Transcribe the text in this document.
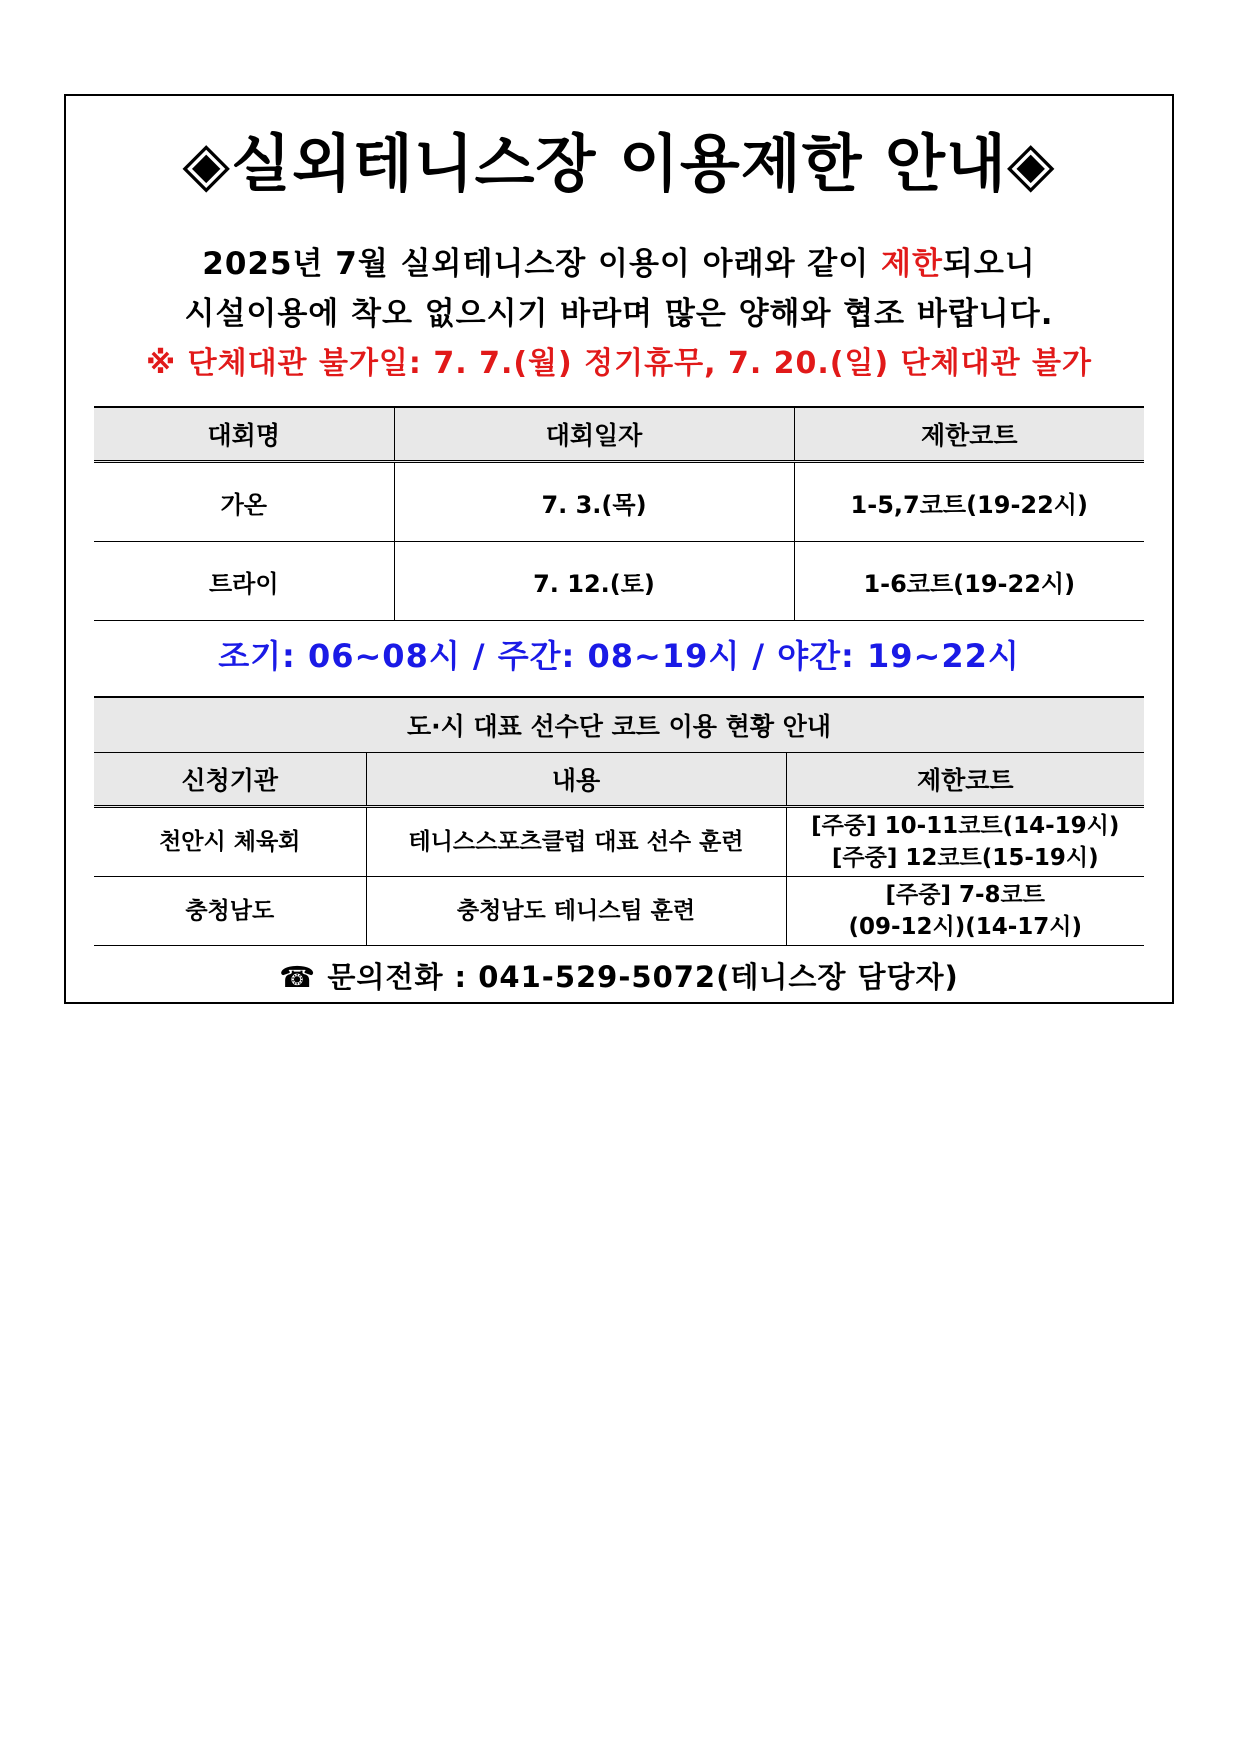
◈실외테니스장 이용제한 안내◈
2025년 7월 실외테니스장 이용이 아래와 같이 제한되오니
시설이용에 착오 없으시기 바라며 많은 양해와 협조 바랍니다.
※ 단체대관 불가일: 7. 7.(월) 정기휴무, 7. 20.(일) 단체대관 불가
대회명	대회일자	제한코트
가온	7. 3.(목)	1-5,7코트(19-22시)
트라이	7. 12.(토)	1-6코트(19-22시)
조기: 06~08시 / 주간: 08~19시 / 야간: 19~22시
도·시 대표 선수단 코트 이용 현황 안내		
신청기관	내용	제한코트
천안시 체육회	테니스스포츠클럽 대표 선수 훈련	[주중] 10-11코트(14-19시)
[주중] 12코트(15-19시)

충청남도	충청남도 테니스팀 훈련	[주중] 7-8코트
(09-12시)(14-17시)
☎ 문의전화 : 041-529-5072(테니스장 담당자)
